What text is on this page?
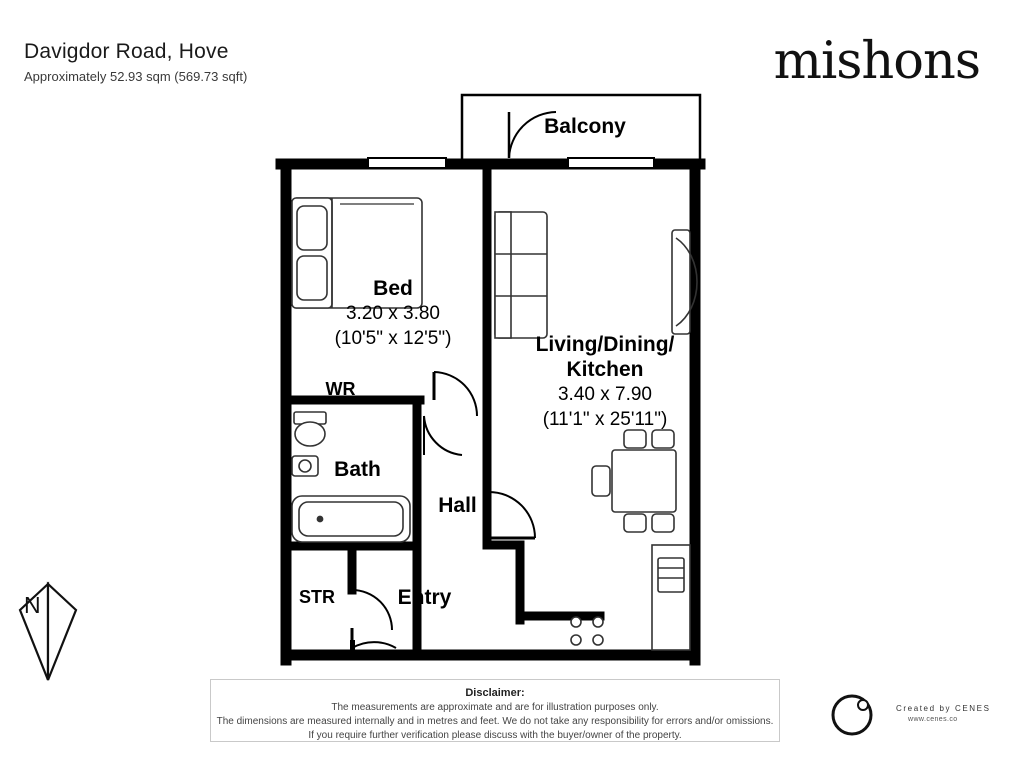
Davigdor Road, Hove
Approximately 52.93 sqm (569.73 sqft)	mishons
Balcony
Bed
3.20 x 3.80
(10'5" x 12'5")	Living/Dining/
Kitchen
3.40 x 7.90
(11'1" x 25'11")
WR
Bath
Hall
STR	Entry
N
Disclaimer:
The measurements are approximate and are for illustration purposes only.
The dimensions are measured internally and in metres and feet. We do not take any responsibility for errors and/or omissions.
If you require further verification please discuss with the buyer/owner of the property.
Created by CENES
www.cenes.co
